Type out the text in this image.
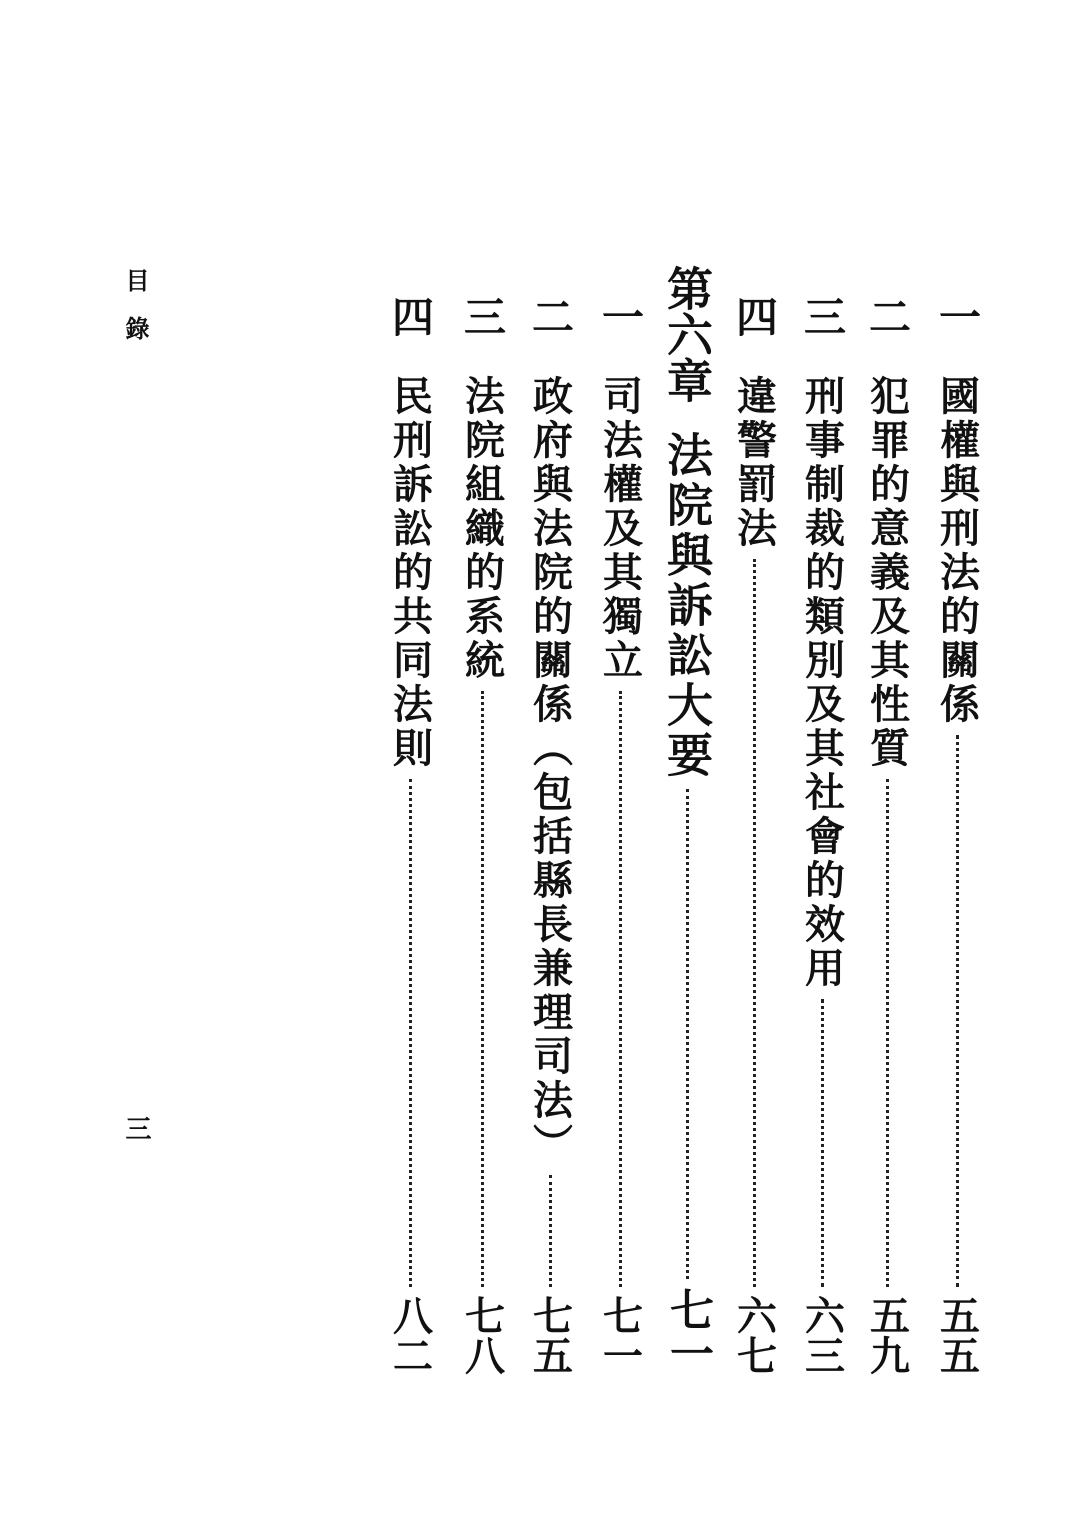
目錄
三
一
國權與刑法的關係
五五
二
犯罪的意義及其性質
五九
三
刑事制裁的類別及其社會的效用
六三
四
違警罰法
六七
第六章
法院與訴訟大要
七一
一
司法權及其獨立
七一
二
政府與法院的關係（包括縣長兼理司法）
七五
三
法院組織的系統
七八
四
民刑訴訟的共同法則
八二
